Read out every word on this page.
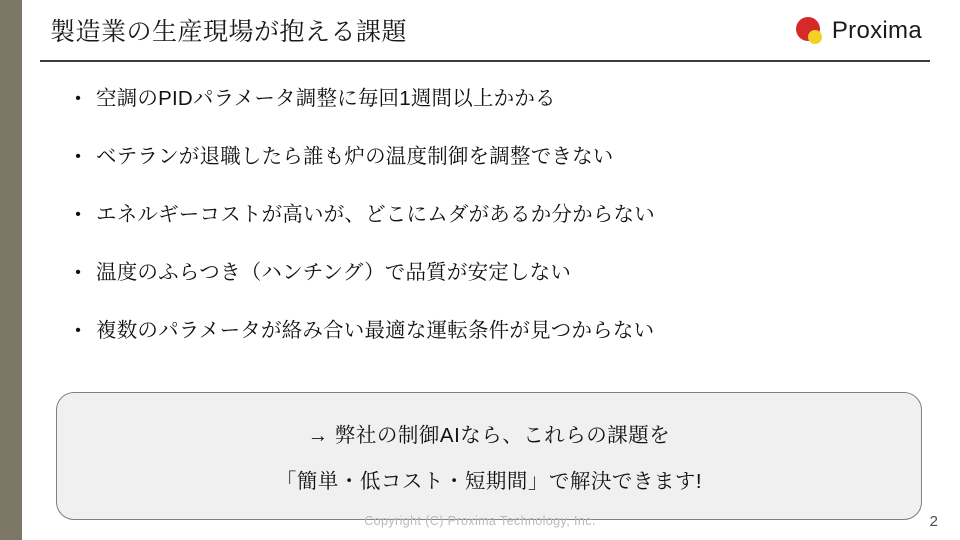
製造業の生産現場が抱える課題	Proxima
• 空調のPIDパラメータ調整に毎回1週間以上かかる
• ベテランが退職したら誰も炉の温度制御を調整できない
• エネルギーコストが高いが、どこにムダがあるか分からない
• 温度のふらつき（ハンチング）で品質が安定しない
• 複数のパラメータが絡み合い最適な運転条件が見つからない
→ 弊社の制御AIなら、これらの課題を
「簡単・低コスト・短期間」で解決できます!
Copyright (C) Proxima Technology, Inc.	2
